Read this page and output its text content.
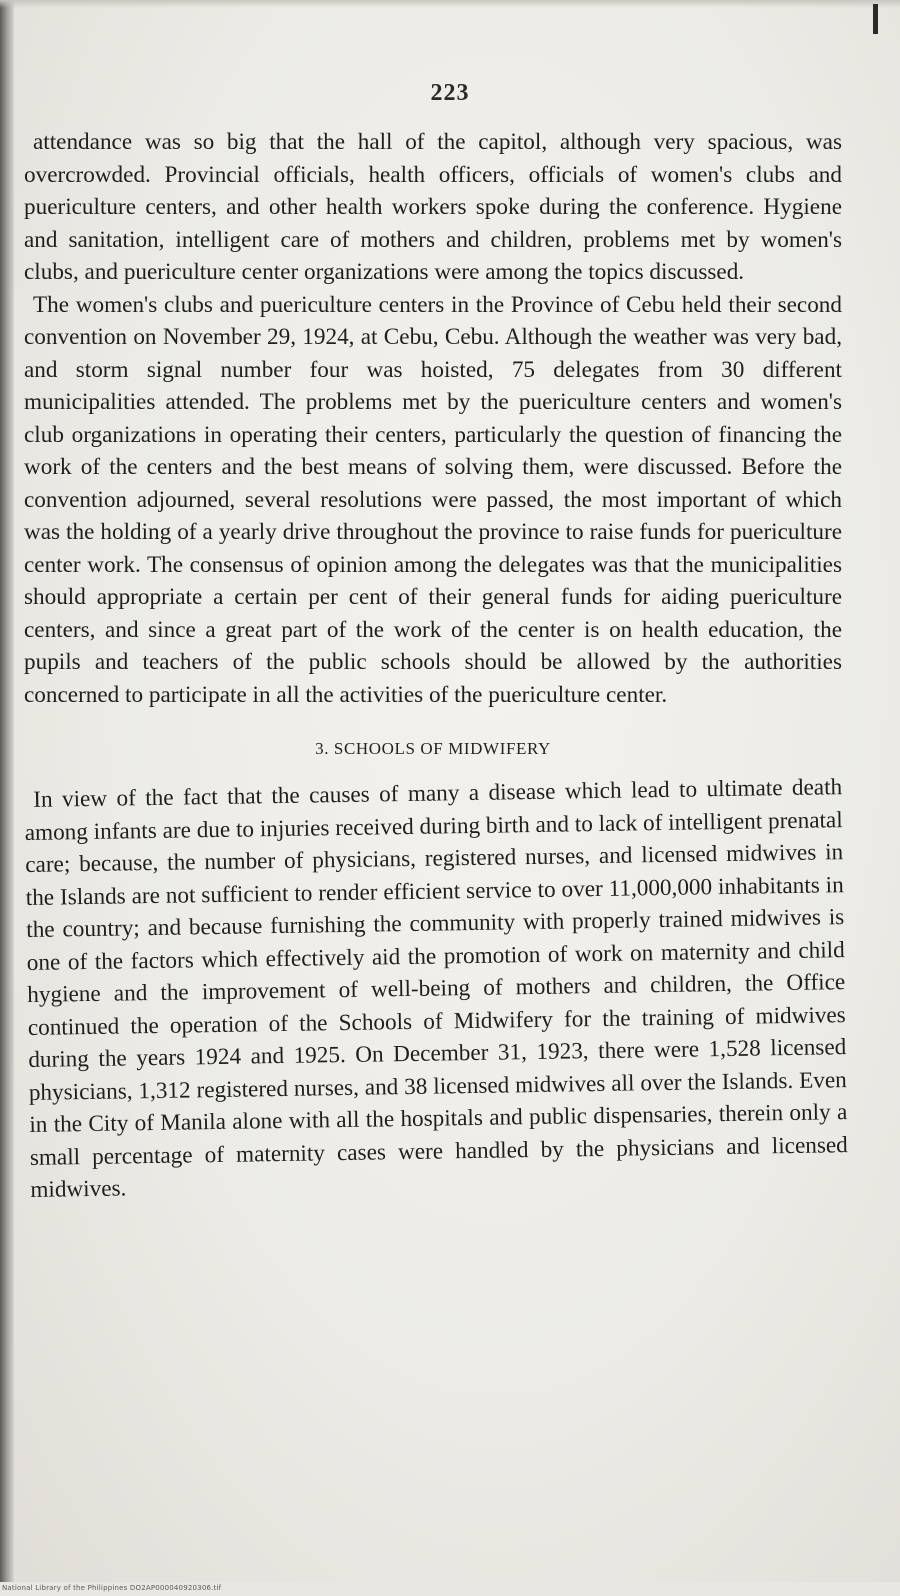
223

attendance was so big that the hall of the capitol, although very spacious, was overcrowded. Provincial officials, health officers, officials of women's clubs and puericulture centers, and other health workers spoke during the conference. Hygiene and sanitation, intelligent care of mothers and children, problems met by women's clubs, and puericulture center organizations were among the topics discussed.

The women's clubs and puericulture centers in the Province of Cebu held their second convention on November 29, 1924, at Cebu, Cebu. Although the weather was very bad, and storm signal number four was hoisted, 75 delegates from 30 different municipalities attended. The problems met by the puericulture centers and women's club organizations in operating their centers, particularly the question of financing the work of the centers and the best means of solving them, were discussed. Before the convention adjourned, several resolutions were passed, the most important of which was the holding of a yearly drive throughout the province to raise funds for puericulture center work. The consensus of opinion among the delegates was that the municipalities should appropriate a certain per cent of their general funds for aiding puericulture centers, and since a great part of the work of the center is on health education, the pupils and teachers of the public schools should be allowed by the authorities concerned to participate in all the activities of the puericulture center.

3. SCHOOLS OF MIDWIFERY

In view of the fact that the causes of many a disease which lead to ultimate death among infants are due to injuries received during birth and to lack of intelligent prenatal care; because, the number of physicians, registered nurses, and licensed midwives in the Islands are not sufficient to render efficient service to over 11,000,000 inhabitants in the country; and because furnishing the community with properly trained midwives is one of the factors which effectively aid the promotion of work on maternity and child hygiene and the improvement of well-being of mothers and children, the Office continued the operation of the Schools of Midwifery for the training of midwives during the years 1924 and 1925. On December 31, 1923, there were 1,528 licensed physicians, 1,312 registered nurses, and 38 licensed midwives all over the Islands. Even in the City of Manila alone with all the hospitals and public dispensaries, therein only a small percentage of maternity cases were handled by the physicians and licensed midwives.

National Library of the Philippines DO2AP000040920306.tif
